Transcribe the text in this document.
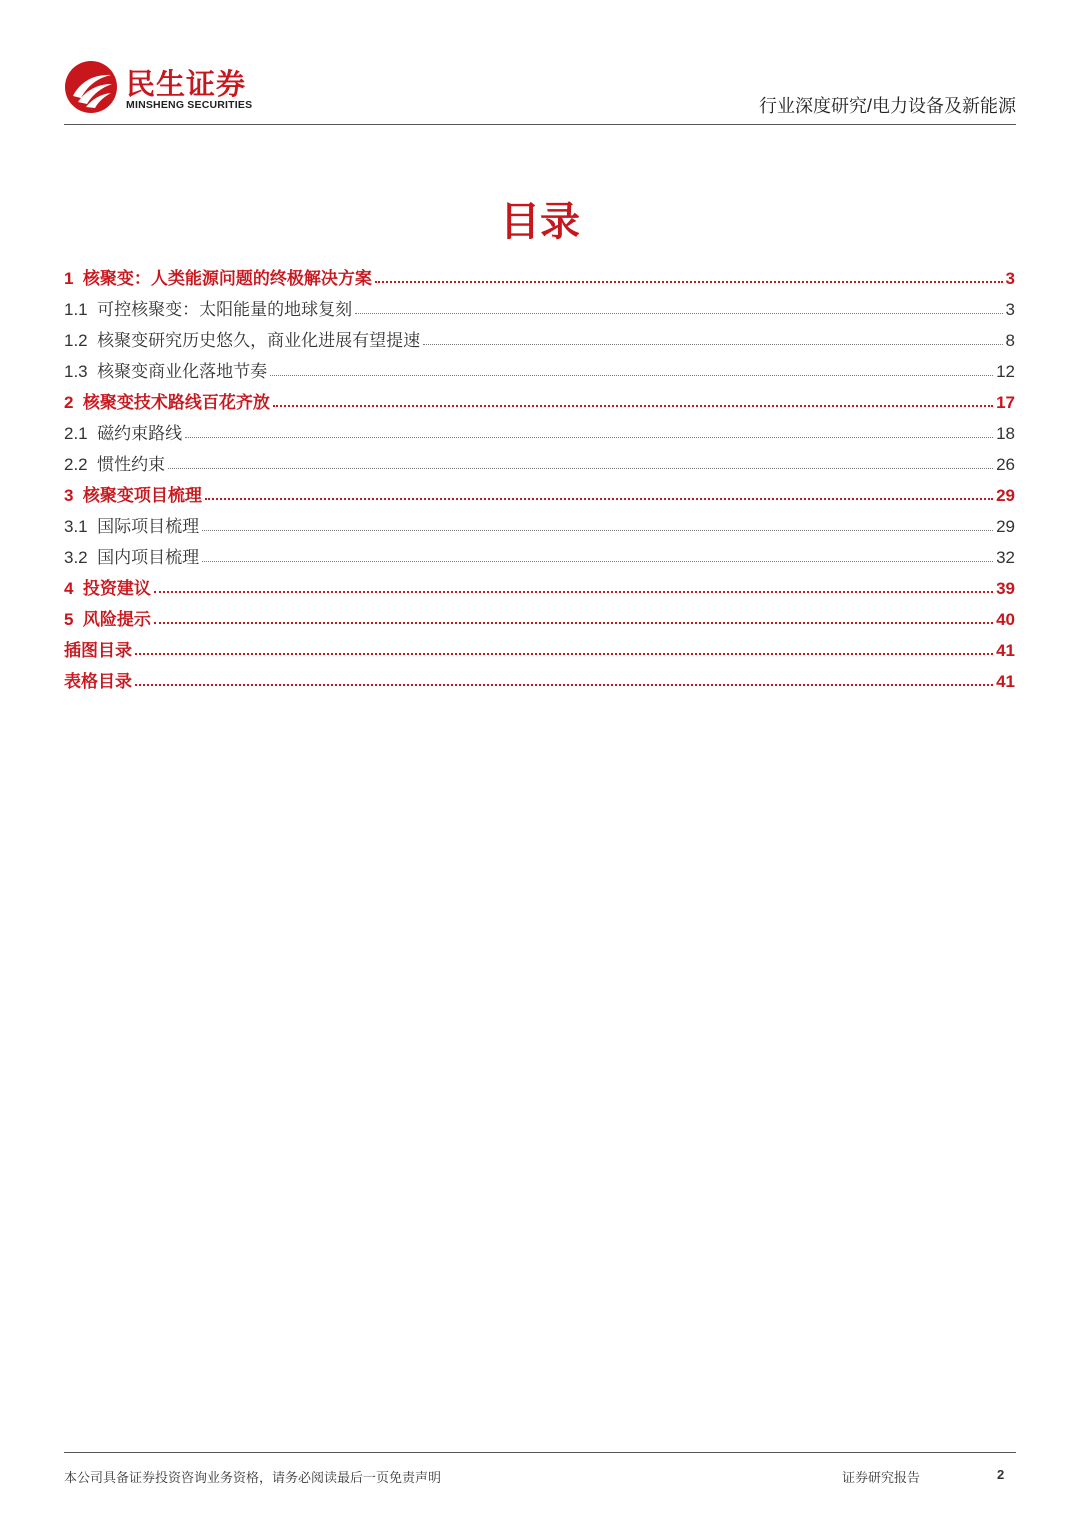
民生证券
MINSHENG SECURITIES	行业深度研究/电力设备及新能源
目录
1 核聚变：人类能源问题的终极解决方案	3
1.1 可控核聚变：太阳能量的地球复刻	3
1.2 核聚变研究历史悠久，商业化进展有望提速	8
1.3 核聚变商业化落地节奏	12
2 核聚变技术路线百花齐放	17
2.1 磁约束路线	18
2.2 惯性约束	26
3 核聚变项目梳理	29
3.1 国际项目梳理	29
3.2 国内项目梳理	32
4 投资建议	39
5 风险提示	40
插图目录	41
表格目录	41
本公司具备证券投资咨询业务资格，请务必阅读最后一页免责声明	证券研究报告	2
